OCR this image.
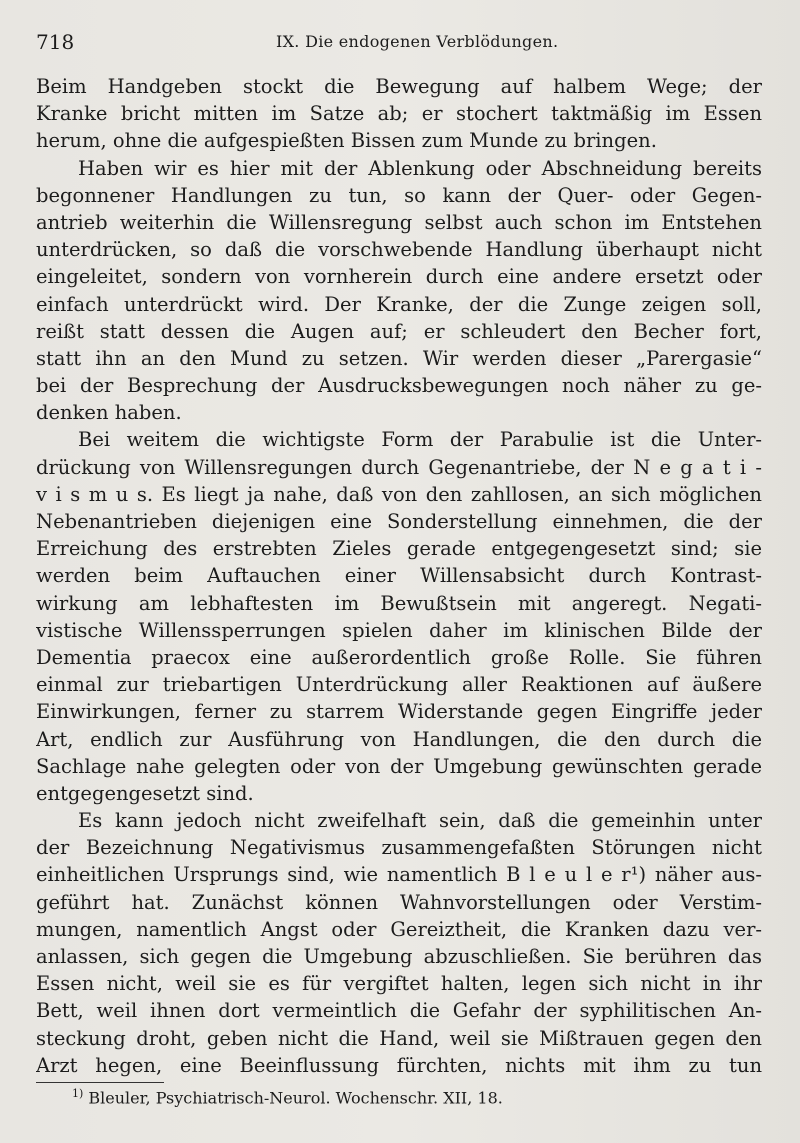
718	IX. Die endogenen Verblödungen.
Beim Handgeben stockt die Bewegung auf halbem Wege; der
Kranke bricht mitten im Satze ab; er stochert taktmäßig im Essen
herum, ohne die aufgespießten Bissen zum Munde zu bringen.
Haben wir es hier mit der Ablenkung oder Abschneidung bereits
begonnener Handlungen zu tun, so kann der Quer- oder Gegen-
antrieb weiterhin die Willensregung selbst auch schon im Entstehen
unterdrücken, so daß die vorschwebende Handlung überhaupt nicht
eingeleitet, sondern von vornherein durch eine andere ersetzt oder
einfach unterdrückt wird. Der Kranke, der die Zunge zeigen soll,
reißt statt dessen die Augen auf; er schleudert den Becher fort,
statt ihn an den Mund zu setzen. Wir werden dieser „Parergasie“
bei der Besprechung der Ausdrucksbewegungen noch näher zu ge-
denken haben.
Bei weitem die wichtigste Form der Parabulie ist die Unter-
drückung von Willensregungen durch Gegenantriebe, der N e g a t i -
v i s m u s. Es liegt ja nahe, daß von den zahllosen, an sich möglichen
Nebenantrieben diejenigen eine Sonderstellung einnehmen, die der
Erreichung des erstrebten Zieles gerade entgegengesetzt sind; sie
werden beim Auftauchen einer Willensabsicht durch Kontrast-
wirkung am lebhaftesten im Bewußtsein mit angeregt. Negati-
vistische Willenssperrungen spielen daher im klinischen Bilde der
Dementia praecox eine außerordentlich große Rolle. Sie führen
einmal zur triebartigen Unterdrückung aller Reaktionen auf äußere
Einwirkungen, ferner zu starrem Widerstande gegen Eingriffe jeder
Art, endlich zur Ausführung von Handlungen, die den durch die
Sachlage nahe gelegten oder von der Umgebung gewünschten gerade
entgegengesetzt sind.
Es kann jedoch nicht zweifelhaft sein, daß die gemeinhin unter
der Bezeichnung Negativismus zusammengefaßten Störungen nicht
einheitlichen Ursprungs sind, wie namentlich B l e u l e r¹) näher aus-
geführt hat. Zunächst können Wahnvorstellungen oder Verstim-
mungen, namentlich Angst oder Gereiztheit, die Kranken dazu ver-
anlassen, sich gegen die Umgebung abzuschließen. Sie berühren das
Essen nicht, weil sie es für vergiftet halten, legen sich nicht in ihr
Bett, weil ihnen dort vermeintlich die Gefahr der syphilitischen An-
steckung droht, geben nicht die Hand, weil sie Mißtrauen gegen den
Arzt hegen, eine Beeinflussung fürchten, nichts mit ihm zu tun
$^{1)}$ Bleuler, Psychiatrisch-Neurol. Wochenschr. XII, 18.
